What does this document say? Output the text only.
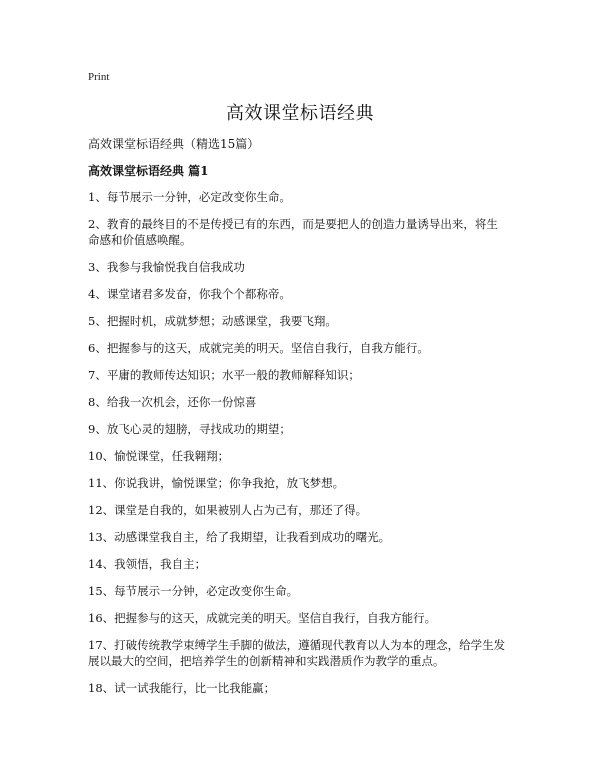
Print
高效课堂标语经典

高效课堂标语经典（精选15篇）

高效课堂标语经典 篇1

1、每节展示一分钟，必定改变你生命。
2、教育的最终目的不是传授已有的东西，而是要把人的创造力量诱导出来，将生命感和价值感唤醒。
3、我参与我愉悦我自信我成功
4、课堂诸君多发奋，你我个个都称帝。
5、把握时机，成就梦想；动感课堂，我要飞翔。
6、把握参与的这天，成就完美的明天。坚信自我行，自我方能行。
7、平庸的教师传达知识；水平一般的教师解释知识；
8、给我一次机会，还你一份惊喜
9、放飞心灵的翅膀，寻找成功的期望；
10、愉悦课堂，任我翱翔；
11、你说我讲，愉悦课堂；你争我抢，放飞梦想。
12、课堂是自我的，如果被别人占为己有，那还了得。
13、动感课堂我自主，给了我期望，让我看到成功的曙光。
14、我领悟，我自主；
15、每节展示一分钟，必定改变你生命。
16、把握参与的这天，成就完美的明天。坚信自我行，自我方能行。
17、打破传统教学束缚学生手脚的做法，遵循现代教育以人为本的理念，给学生发展以最大的空间，把培养学生的创新精神和实践潜质作为教学的重点。
18、试一试我能行，比一比我能赢；
